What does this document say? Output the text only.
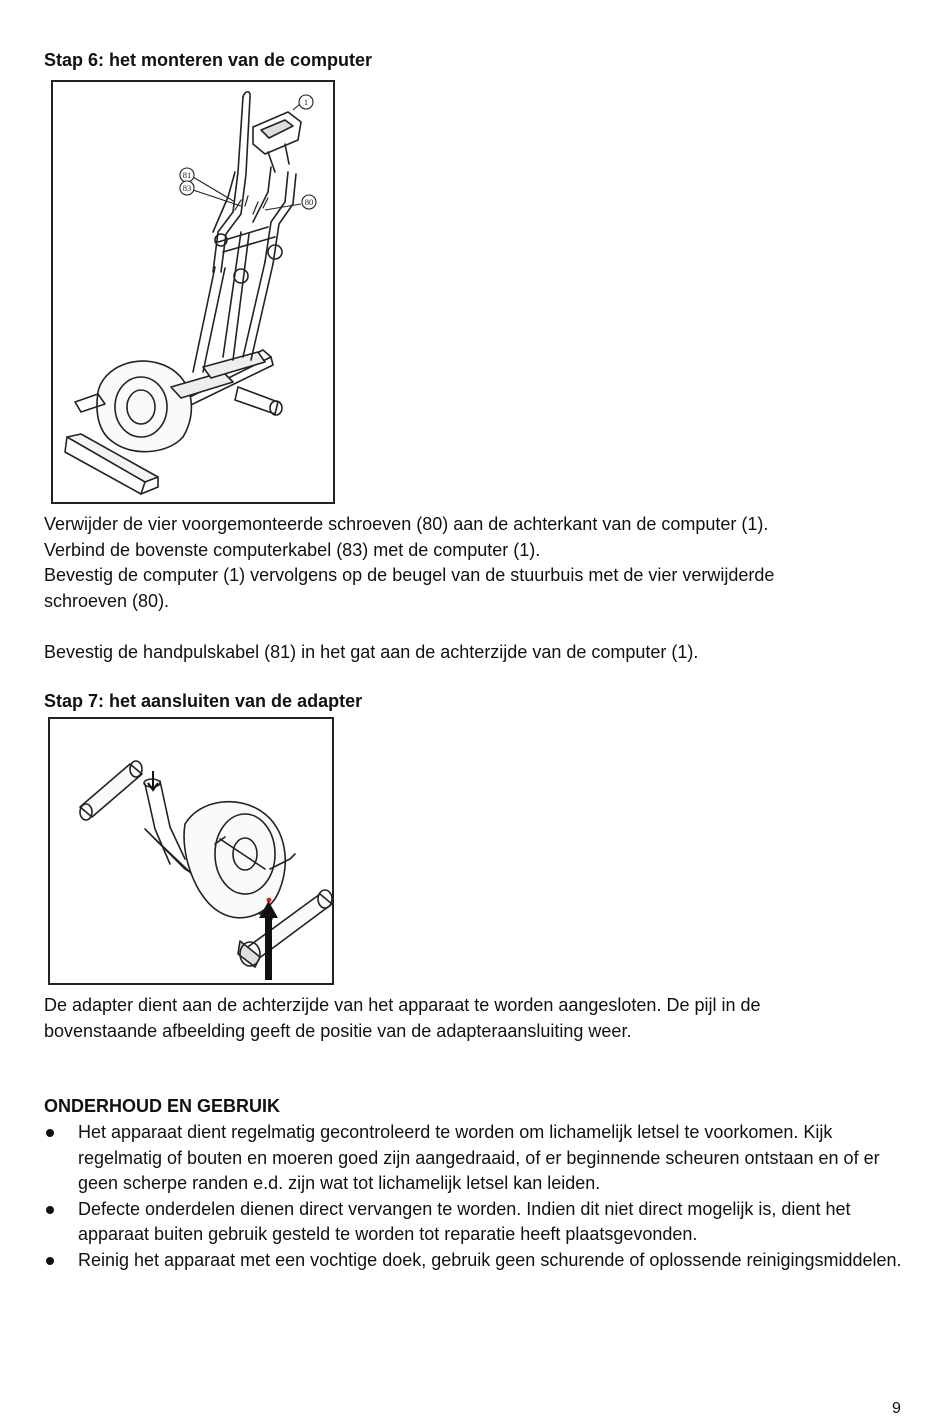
Stap 6: het monteren van de computer
1
81
83
80
Verwijder de vier voorgemonteerde schroeven (80) aan de achterkant van de computer (1).
Verbind de bovenste computerkabel (83) met de computer (1).
Bevestig de computer (1) vervolgens op de beugel van de stuurbuis met de vier verwijderde
schroeven (80).
Bevestig de handpulskabel (81) in het gat aan de achterzijde van de computer (1).
Stap 7: het aansluiten van de adapter
De adapter dient aan de achterzijde van het apparaat te worden aangesloten. De pijl in de
bovenstaande afbeelding geeft de positie van de adapteraansluiting weer.
ONDERHOUD EN GEBRUIK
Het apparaat dient regelmatig gecontroleerd te worden om lichamelijk letsel te voorkomen. Kijk regelmatig of bouten en moeren goed zijn aangedraaid, of er beginnende scheuren ontstaan en of er geen scherpe randen e.d. zijn wat tot lichamelijk letsel kan leiden.
Defecte onderdelen dienen direct vervangen te worden. Indien dit niet direct mogelijk is, dient het apparaat buiten gebruik gesteld te worden tot reparatie heeft plaatsgevonden.
Reinig het apparaat met een vochtige doek, gebruik geen schurende of oplossende reinigingsmiddelen.
9
